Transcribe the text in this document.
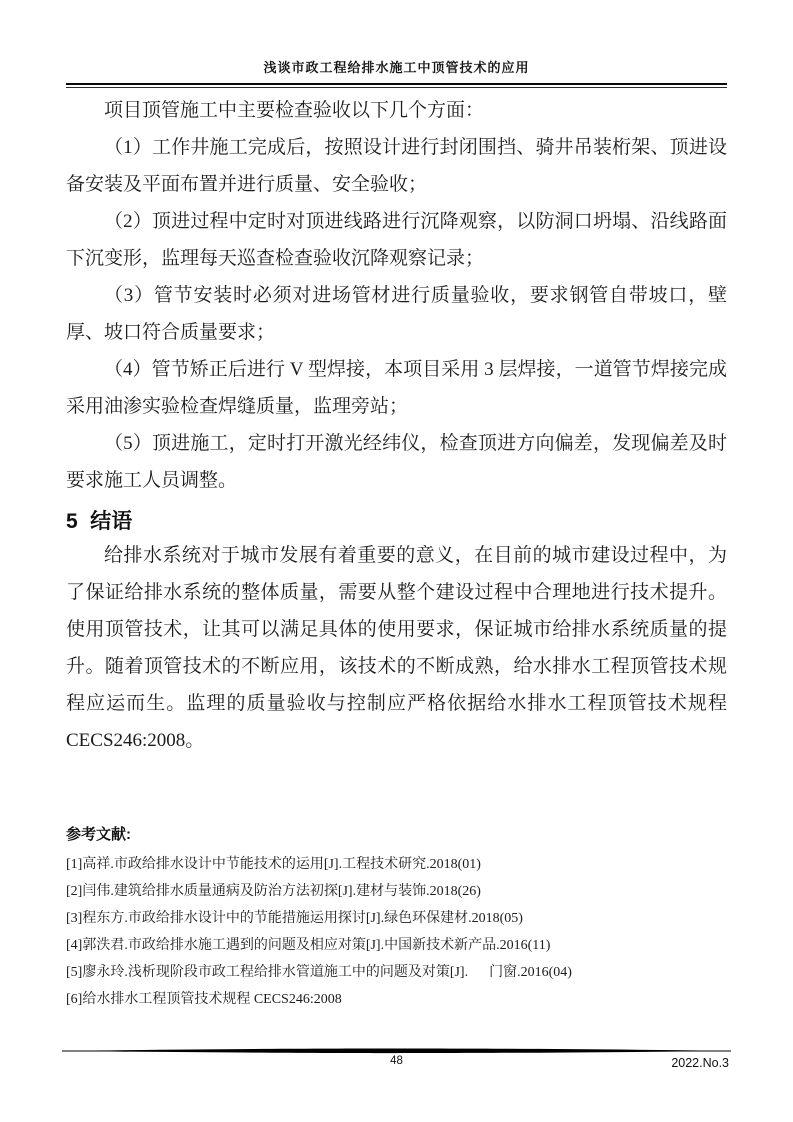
浅谈市政工程给排水施工中顶管技术的应用

项目顶管施工中主要检查验收以下几个方面：

（1）工作井施工完成后，按照设计进行封闭围挡、骑井吊装桁架、顶进设备安装及平面布置并进行质量、安全验收；

（2）顶进过程中定时对顶进线路进行沉降观察，以防洞口坍塌、沿线路面下沉变形，监理每天巡查检查验收沉降观察记录；

（3）管节安装时必须对进场管材进行质量验收，要求钢管自带坡口，壁厚、坡口符合质量要求；

（4）管节矫正后进行 V 型焊接，本项目采用 3 层焊接，一道管节焊接完成采用油渗实验检查焊缝质量，监理旁站；

（5）顶进施工，定时打开激光经纬仪，检查顶进方向偏差，发现偏差及时要求施工人员调整。

5 结语

给排水系统对于城市发展有着重要的意义，在目前的城市建设过程中，为了保证给排水系统的整体质量，需要从整个建设过程中合理地进行技术提升。使用顶管技术，让其可以满足具体的使用要求，保证城市给排水系统质量的提升。随着顶管技术的不断应用，该技术的不断成熟，给水排水工程顶管技术规程应运而生。监理的质量验收与控制应严格依据给水排水工程顶管技术规程CECS246:2008。

参考文献:
[1]高祥.市政给排水设计中节能技术的运用[J].工程技术研究.2018(01)
[2]闫伟.建筑给排水质量通病及防治方法初探[J].建材与装饰.2018(26)
[3]程东方.市政给排水设计中的节能措施运用探讨[J].绿色环保建材.2018(05)
[4]郭泆君.市政给排水施工遇到的问题及相应对策[J].中国新技术新产品.2016(11)
[5]廖永玲.浅析现阶段市政工程给排水管道施工中的问题及对策[J].      门窗.2016(04)
[6]给水排水工程顶管技术规程 CECS246:2008
48	2022.No.3
